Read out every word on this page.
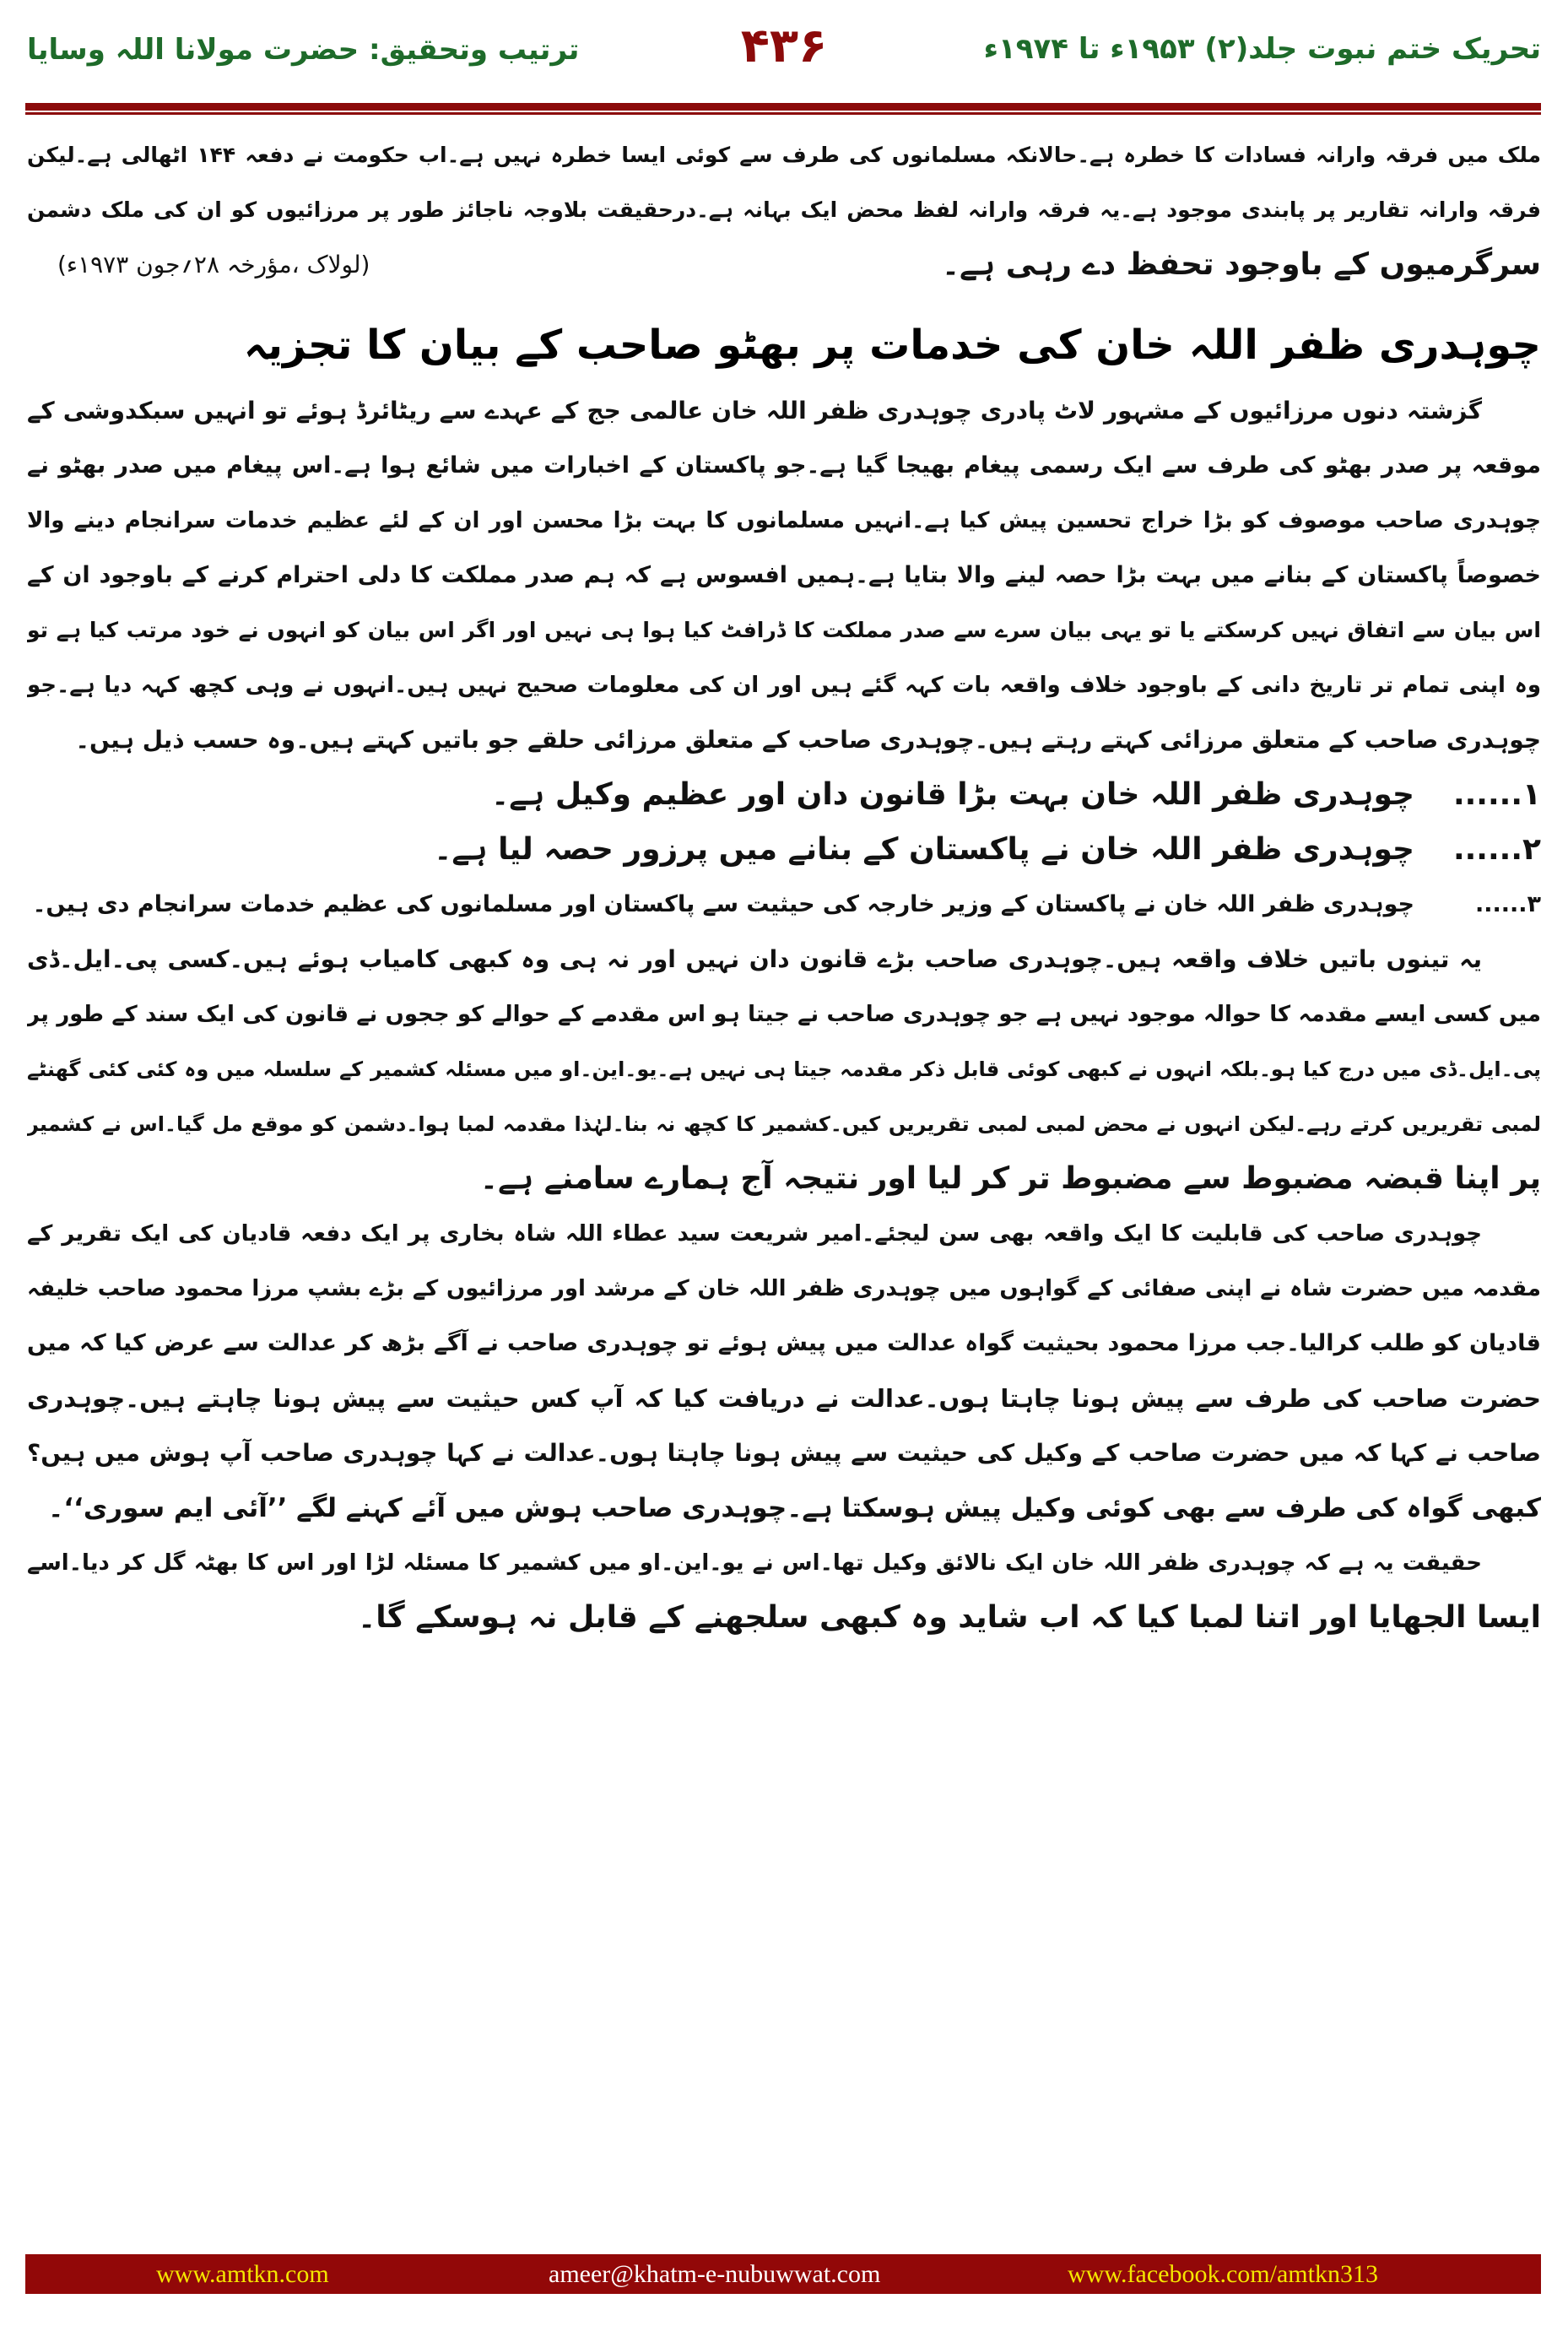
تحریک ختم نبوت جلد(۲) ۱۹۵۳ء تا ۱۹۷۴ء
۴۳۶
ترتیب وتحقیق: حضرت مولانا اللہ وسایا
ملک میں فرقہ وارانہ فسادات کا خطرہ ہے۔حالانکہ مسلمانوں کی طرف سے کوئی ایسا خطرہ نہیں ہے۔اب حکومت نے دفعہ ۱۴۴ اٹھالی ہے۔لیکن
فرقہ وارانہ تقاریر پر پابندی موجود ہے۔یہ فرقہ وارانہ لفظ محض ایک بہانہ ہے۔درحقیقت بلاوجہ ناجائز طور پر مرزائیوں کو ان کی ملک دشمن
سرگرمیوں کے باوجود تحفظ دے رہی ہے۔
(لولاک ،مؤرخہ ۲۸؍جون ۱۹۷۳ء)
چوہدری ظفر اللہ خان کی خدمات پر بھٹو صاحب کے بیان کا تجزیہ
گزشتہ دنوں مرزائیوں کے مشہور لاٹ پادری چوہدری ظفر اللہ خان عالمی جج کے عہدے سے ریٹائرڈ ہوئے تو انہیں سبکدوشی کے
موقعہ پر صدر بھٹو کی طرف سے ایک رسمی پیغام بھیجا گیا ہے۔جو پاکستان کے اخبارات میں شائع ہوا ہے۔اس پیغام میں صدر بھٹو نے
چوہدری صاحب موصوف کو بڑا خراج تحسین پیش کیا ہے۔انہیں مسلمانوں کا بہت بڑا محسن اور ان کے لئے عظیم خدمات سرانجام دینے والا
خصوصاً پاکستان کے بنانے میں بہت بڑا حصہ لینے والا بتایا ہے۔ہمیں افسوس ہے کہ ہم صدر مملکت کا دلی احترام کرنے کے باوجود ان کے
اس بیان سے اتفاق نہیں کرسکتے یا تو یہی بیان سرے سے صدر مملکت کا ڈرافٹ کیا ہوا ہی نہیں اور اگر اس بیان کو انہوں نے خود مرتب کیا ہے تو
وہ اپنی تمام تر تاریخ دانی کے باوجود خلاف واقعہ بات کہہ گئے ہیں اور ان کی معلومات صحیح نہیں ہیں۔انہوں نے وہی کچھ کہہ دیا ہے۔جو
چوہدری صاحب کے متعلق مرزائی کہتے رہتے ہیں۔چوہدری صاحب کے متعلق مرزائی حلقے جو باتیں کہتے ہیں۔وہ حسب ذیل ہیں۔
۱......
چوہدری ظفر اللہ خان بہت بڑا قانون دان اور عظیم وکیل ہے۔
۲......
چوہدری ظفر اللہ خان نے پاکستان کے بنانے میں پرزور حصہ لیا ہے۔
۳......
چوہدری ظفر اللہ خان نے پاکستان کے وزیر خارجہ کی حیثیت سے پاکستان اور مسلمانوں کی عظیم خدمات سرانجام دی ہیں۔
یہ تینوں باتیں خلاف واقعہ ہیں۔چوہدری صاحب بڑے قانون دان نہیں اور نہ ہی وہ کبھی کامیاب ہوئے ہیں۔کسی پی۔ایل۔ڈی
میں کسی ایسے مقدمہ کا حوالہ موجود نہیں ہے جو چوہدری صاحب نے جیتا ہو اس مقدمے کے حوالے کو ججوں نے قانون کی ایک سند کے طور پر
پی۔ایل۔ڈی میں درج کیا ہو۔بلکہ انہوں نے کبھی کوئی قابل ذکر مقدمہ جیتا ہی نہیں ہے۔یو۔این۔او میں مسئلہ کشمیر کے سلسلہ میں وہ کئی کئی گھنٹے
لمبی تقریریں کرتے رہے۔لیکن انہوں نے محض لمبی لمبی تقریریں کیں۔کشمیر کا کچھ نہ بنا۔لہٰذا مقدمہ لمبا ہوا۔دشمن کو موقع مل گیا۔اس نے کشمیر
پر اپنا قبضہ مضبوط سے مضبوط تر کر لیا اور نتیجہ آج ہمارے سامنے ہے۔
چوہدری صاحب کی قابلیت کا ایک واقعہ بھی سن لیجئے۔امیر شریعت سید عطاء اللہ شاہ بخاری پر ایک دفعہ قادیان کی ایک تقریر کے
مقدمہ میں حضرت شاہ نے اپنی صفائی کے گواہوں میں چوہدری ظفر اللہ خان کے مرشد اور مرزائیوں کے بڑے بشپ مرزا محمود صاحب خلیفہ
قادیان کو طلب کرالیا۔جب مرزا محمود بحیثیت گواہ عدالت میں پیش ہوئے تو چوہدری صاحب نے آگے بڑھ کر عدالت سے عرض کیا کہ میں
حضرت صاحب کی طرف سے پیش ہونا چاہتا ہوں۔عدالت نے دریافت کیا کہ آپ کس حیثیت سے پیش ہونا چاہتے ہیں۔چوہدری
صاحب نے کہا کہ میں حضرت صاحب کے وکیل کی حیثیت سے پیش ہونا چاہتا ہوں۔عدالت نے کہا چوہدری صاحب آپ ہوش میں ہیں؟
کبھی گواہ کی طرف سے بھی کوئی وکیل پیش ہوسکتا ہے۔چوہدری صاحب ہوش میں آئے کہنے لگے ’’آئی ایم سوری‘‘۔
حقیقت یہ ہے کہ چوہدری ظفر اللہ خان ایک نالائق وکیل تھا۔اس نے یو۔این۔او میں کشمیر کا مسئلہ لڑا اور اس کا بھٹہ گل کر دیا۔اسے
ایسا الجھایا اور اتنا لمبا کیا کہ اب شاید وہ کبھی سلجھنے کے قابل نہ ہوسکے گا۔
www.amtkn.com	ameer@khatm-e-nubuwwat.com	www.facebook.com/amtkn313
